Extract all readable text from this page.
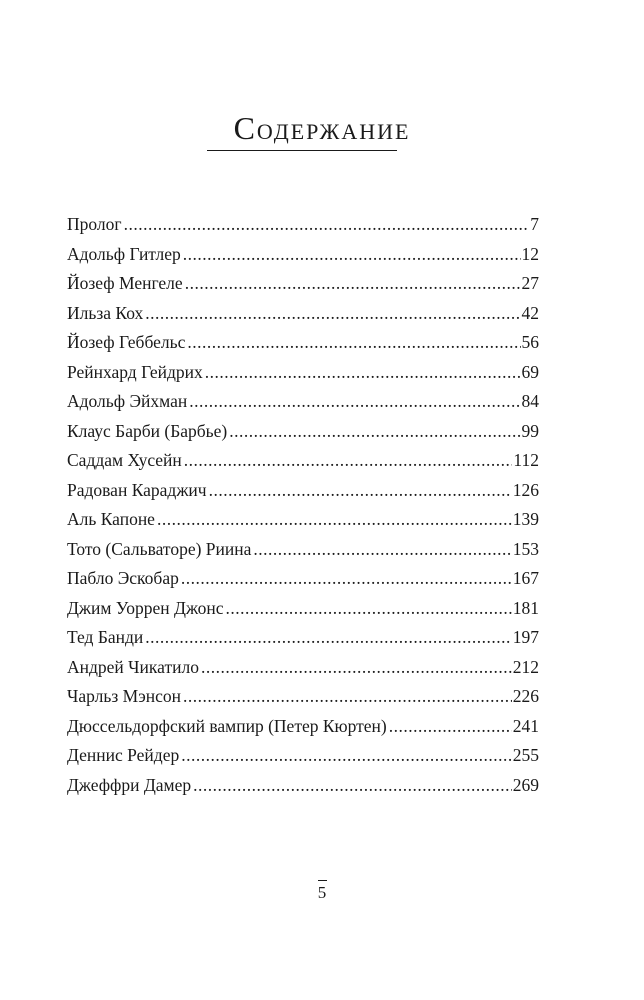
Содержание
Пролог .....	7
Адольф Гитлер .....	12
Йозеф Менгеле .....	27
Ильза Кох .....	42
Йозеф Геббельс .....	56
Рейнхард Гейдрих .....	69
Адольф Эйхман .....	84
Клаус Барби (Барбье) .....	99
Саддам Хусейн .....	112
Радован Караджич .....	126
Аль Капоне .....	139
Тото (Сальваторе) Риина .....	153
Пабло Эскобар .....	167
Джим Уоррен Джонс .....	181
Тед Банди .....	197
Андрей Чикатило .....	212
Чарльз Мэнсон .....	226
Дюссельдорфский вампир (Петер Кюртен) .....	241
Деннис Рейдер .....	255
Джеффри Дамер .....	269
5
